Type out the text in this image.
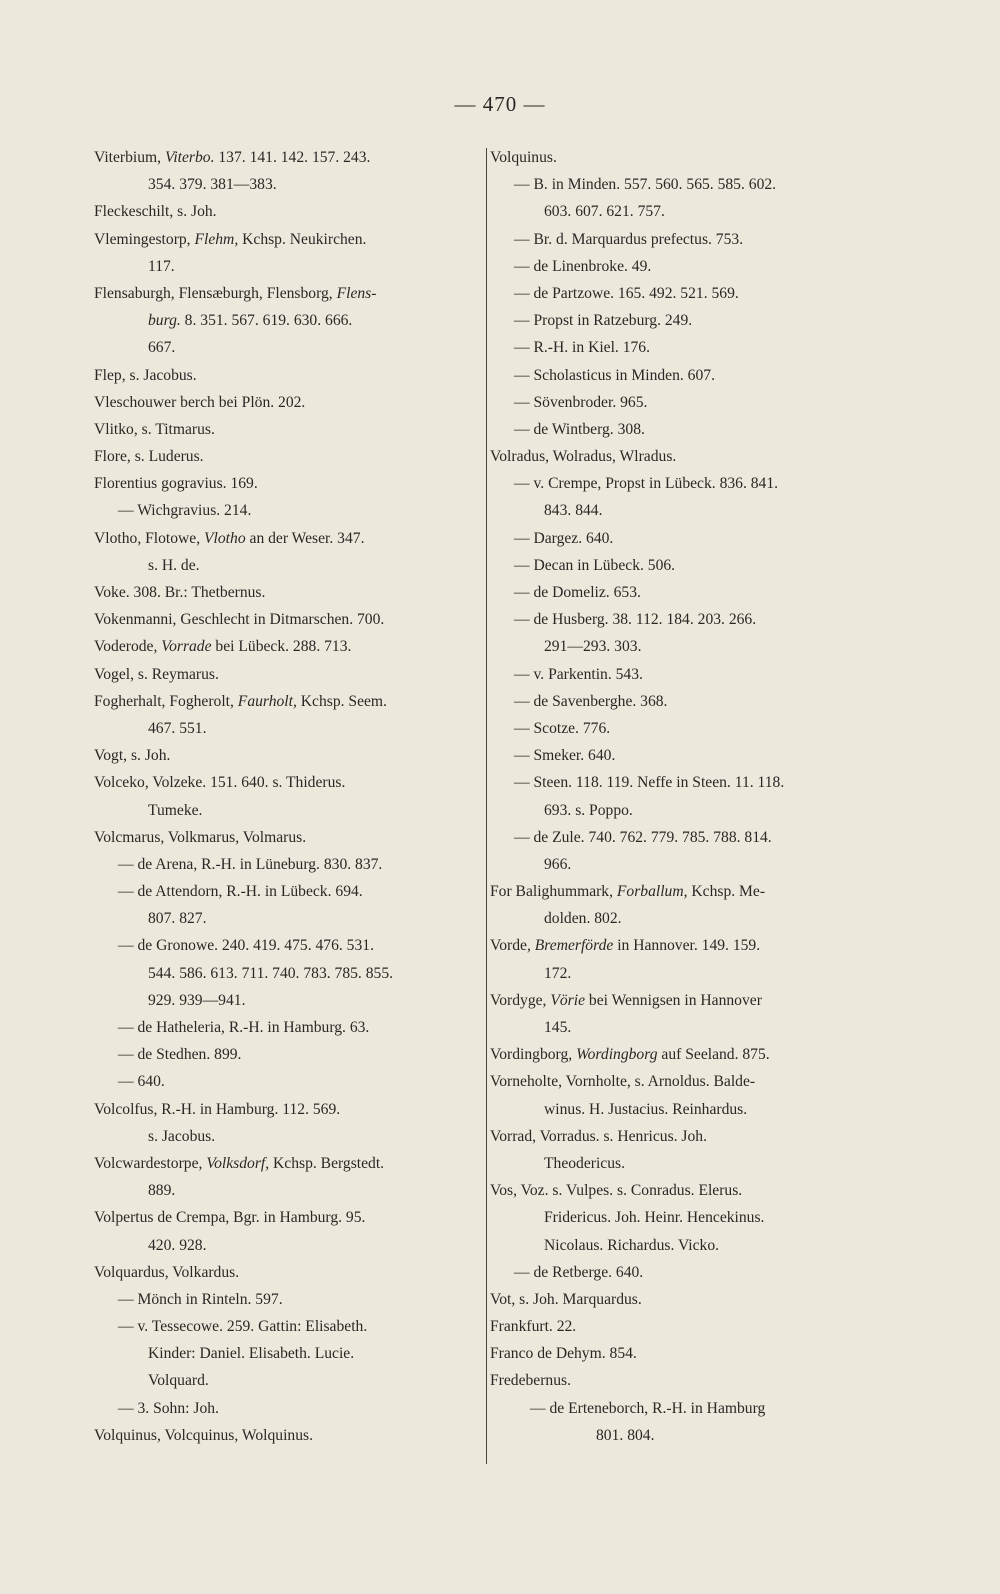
— 470 —
Viterbium, Viterbo. 137. 141. 142. 157. 243.
354. 379. 381—383.
Fleckeschilt, s. Joh.
Vlemingestorp, Flehm, Kchsp. Neukirchen.
117.
Flensaburgh, Flensæburgh, Flensborg, Flens-
burg. 8. 351. 567. 619. 630. 666.
667.
Flep, s. Jacobus.
Vleschouwer berch bei Plön. 202.
Vlitko, s. Titmarus.
Flore, s. Luderus.
Florentius gogravius. 169.
— Wichgravius. 214.
Vlotho, Flotowe, Vlotho an der Weser. 347.
s. H. de.
Voke. 308. Br.: Thetbernus.
Vokenmanni, Geschlecht in Ditmarschen. 700.
Voderode, Vorrade bei Lübeck. 288. 713.
Vogel, s. Reymarus.
Fogherhalt, Fogherolt, Faurholt, Kchsp. Seem.
467. 551.
Vogt, s. Joh.
Volceko, Volzeke. 151. 640. s. Thiderus.
Tumeke.
Volcmarus, Volkmarus, Volmarus.
— de Arena, R.-H. in Lüneburg. 830. 837.
— de Attendorn, R.-H. in Lübeck. 694.
807. 827.
— de Gronowe. 240. 419. 475. 476. 531.
544. 586. 613. 711. 740. 783. 785. 855.
929. 939—941.
— de Hatheleria, R.-H. in Hamburg. 63.
— de Stedhen. 899.
— 640.
Volcolfus, R.-H. in Hamburg. 112. 569.
s. Jacobus.
Volcwardestorpe, Volksdorf, Kchsp. Bergstedt.
889.
Volpertus de Crempa, Bgr. in Hamburg. 95.
420. 928.
Volquardus, Volkardus.
— Mönch in Rinteln. 597.
— v. Tessecowe. 259. Gattin: Elisabeth.
Kinder: Daniel. Elisabeth. Lucie.
Volquard.
— 3. Sohn: Joh.
Volquinus, Volcquinus, Wolquinus.
Volquinus.
— B. in Minden. 557. 560. 565. 585. 602.
603. 607. 621. 757.
— Br. d. Marquardus prefectus. 753.
— de Linenbroke. 49.
— de Partzowe. 165. 492. 521. 569.
— Propst in Ratzeburg. 249.
— R.-H. in Kiel. 176.
— Scholasticus in Minden. 607.
— Sövenbroder. 965.
— de Wintberg. 308.
Volradus, Wolradus, Wlradus.
— v. Crempe, Propst in Lübeck. 836. 841.
843. 844.
— Dargez. 640.
— Decan in Lübeck. 506.
— de Domeliz. 653.
— de Husberg. 38. 112. 184. 203. 266.
291—293. 303.
— v. Parkentin. 543.
— de Savenberghe. 368.
— Scotze. 776.
— Smeker. 640.
— Steen. 118. 119. Neffe in Steen. 11. 118.
693. s. Poppo.
— de Zule. 740. 762. 779. 785. 788. 814.
966.
For Balighummark, Forballum, Kchsp. Me-
dolden. 802.
Vorde, Bremerförde in Hannover. 149. 159.
172.
Vordyge, Vörie bei Wennigsen in Hannover
145.
Vordingborg, Wordingborg auf Seeland. 875.
Vorneholte, Vornholte, s. Arnoldus. Balde-
winus. H. Justacius. Reinhardus.
Vorrad, Vorradus. s. Henricus. Joh.
Theodericus.
Vos, Voz. s. Vulpes. s. Conradus. Elerus.
Fridericus. Joh. Heinr. Hencekinus.
Nicolaus. Richardus. Vicko.
— de Retberge. 640.
Vot, s. Joh. Marquardus.
Frankfurt. 22.
Franco de Dehym. 854.
Fredebernus.
— de Erteneborch, R.-H. in Hamburg
801. 804.
